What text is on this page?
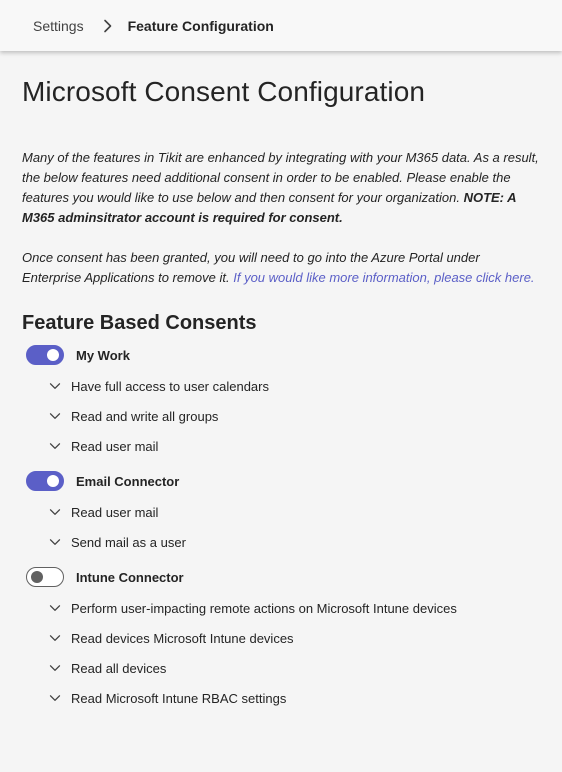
Settings	Feature Configuration
Microsoft Consent Configuration

Many of the features in Tikit are enhanced by integrating with your M365 data. As a result, the below features need additional consent in order to be enabled. Please enable the features you would like to use below and then consent for your organization. NOTE: A M365 adminsitrator account is required for consent.

Once consent has been granted, you will need to go into the Azure Portal under Enterprise Applications to remove it. If you would like more information, please click here.

Feature Based Consents
My Work
Have full access to user calendars
Read and write all groups
Read user mail
Email Connector
Read user mail
Send mail as a user
Intune Connector
Perform user-impacting remote actions on Microsoft Intune devices
Read devices Microsoft Intune devices
Read all devices
Read Microsoft Intune RBAC settings
